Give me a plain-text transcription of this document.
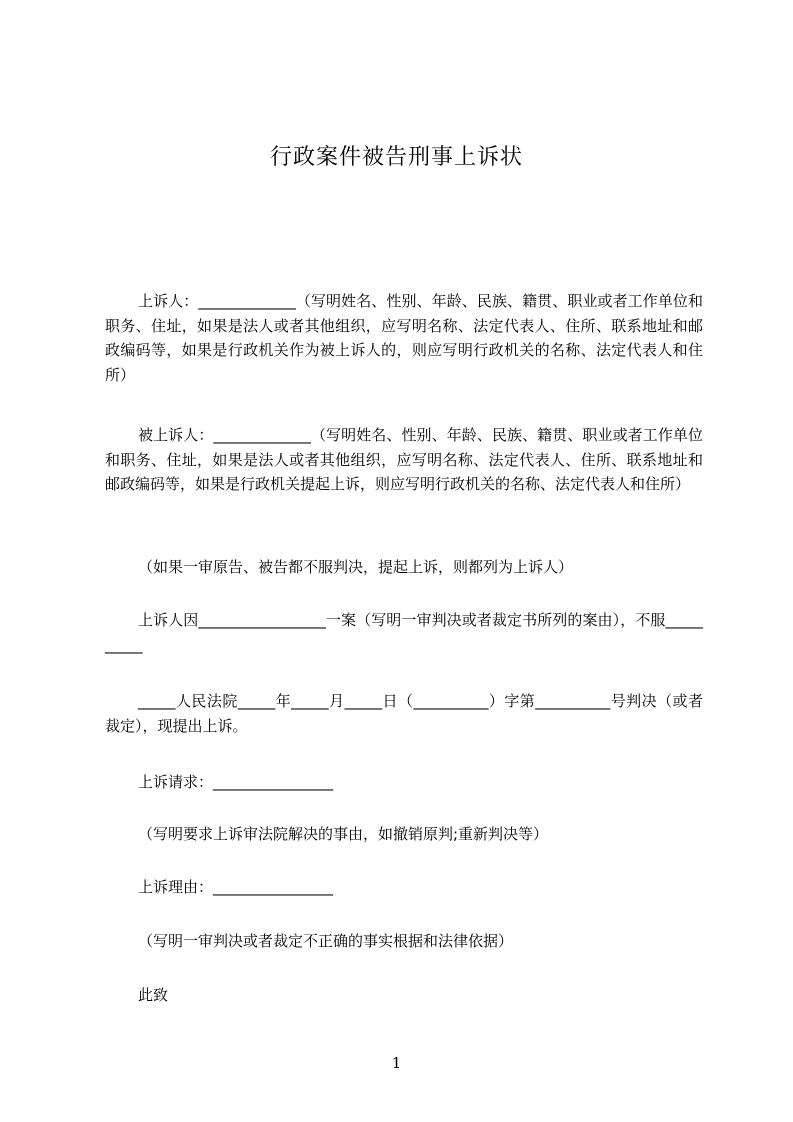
行政案件被告刑事上诉状
上诉人：_____________（写明姓名、性别、年龄、民族、籍贯、职业或者工作单位和职务、住址，如果是法人或者其他组织，应写明名称、法定代表人、住所、联系地址和邮政编码等，如果是行政机关作为被上诉人的，则应写明行政机关的名称、法定代表人和住所）
被上诉人：_____________（写明姓名、性别、年龄、民族、籍贯、职业或者工作单位和职务、住址，如果是法人或者其他组织，应写明名称、法定代表人、住所、联系地址和邮政编码等，如果是行政机关提起上诉，则应写明行政机关的名称、法定代表人和住所）
（如果一审原告、被告都不服判决，提起上诉，则都列为上诉人）
上诉人因_________________一案（写明一审判决或者裁定书所列的案由），不服__________
_____人民法院_____年_____月_____日（__________）字第__________号判决（或者裁定），现提出上诉。
上诉请求：________________
（写明要求上诉审法院解决的事由，如撤销原判;重新判决等）
上诉理由：________________
（写明一审判决或者裁定不正确的事实根据和法律依据）
此致
1
